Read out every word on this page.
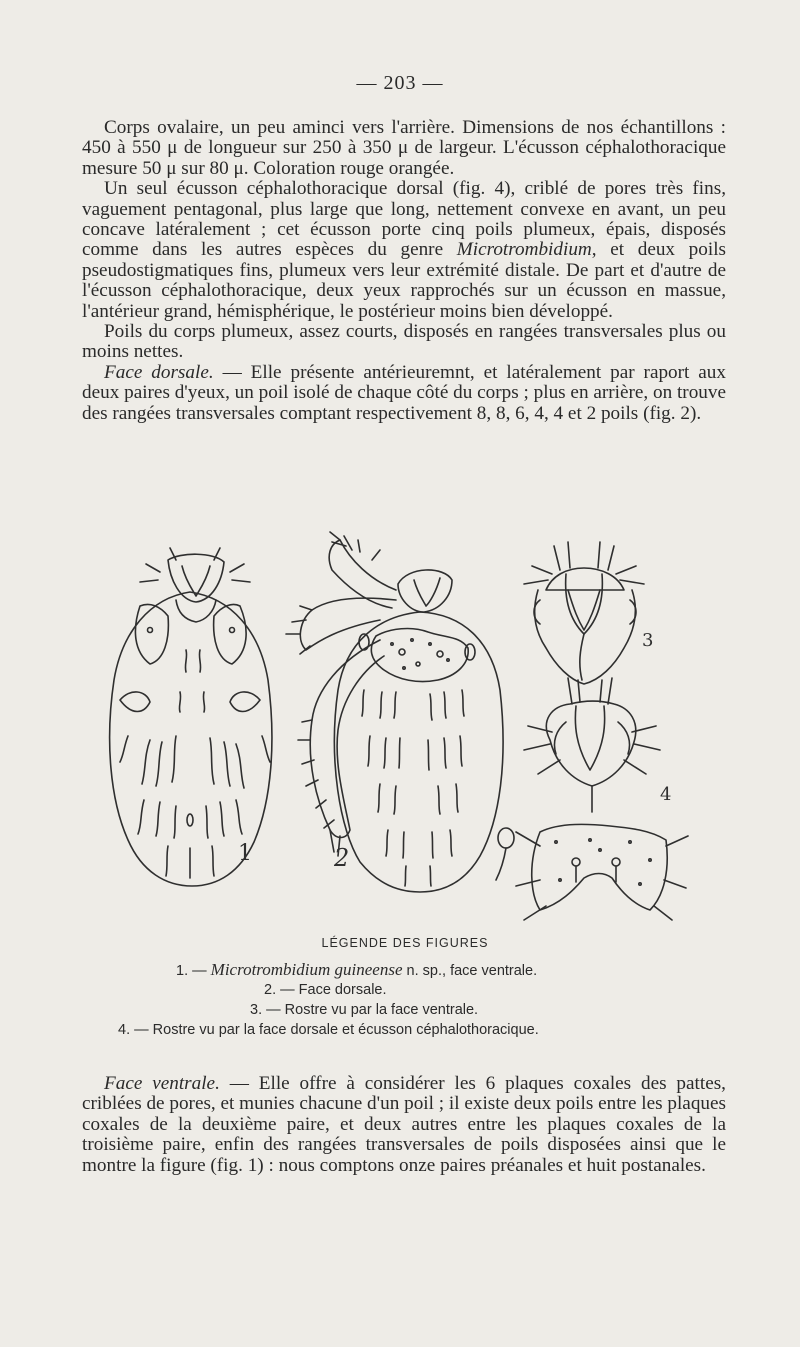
— 203 —

Corps ovalaire, un peu aminci vers l'arrière. Dimensions de nos échantillons : 450 à 550 μ de longueur sur 250 à 350 μ de largeur. L'écusson céphalothoracique mesure 50 μ sur 80 μ. Coloration rouge orangée.

Un seul écusson céphalothoracique dorsal (fig. 4), criblé de pores très fins, vaguement pentagonal, plus large que long, nettement convexe en avant, un peu concave latéralement ; cet écusson porte cinq poils plumeux, épais, disposés comme dans les autres espèces du genre Microtrombidium, et deux poils pseudostigmatiques fins, plumeux vers leur extrémité distale. De part et d'autre de l'écusson céphalothoracique, deux yeux rapprochés sur un écusson en massue, l'antérieur grand, hémisphérique, le postérieur moins bien développé.

Poils du corps plumeux, assez courts, disposés en rangées transversales plus ou moins nettes.

Face dorsale. — Elle présente antérieuremnt, et latéralement par raport aux deux paires d'yeux, un poil isolé de chaque côté du corps ; plus en arrière, on trouve des rangées transversales comptant respectivement 8, 8, 6, 4, 4 et 2 poils (fig. 2).

1	2
3
4
LÉGENDE DES FIGURES
1. — Microtrombidium guineense n. sp., face ventrale.
2. — Face dorsale.
3. — Rostre vu par la face ventrale.
4. — Rostre vu par la face dorsale et écusson céphalothoracique.

Face ventrale. — Elle offre à considérer les 6 plaques coxales des pattes, criblées de pores, et munies chacune d'un poil ; il existe deux poils entre les plaques coxales de la deuxième paire, et deux autres entre les plaques coxales de la troisième paire, enfin des rangées transversales de poils disposées ainsi que le montre la figure (fig. 1) : nous comptons onze paires préanales et huit postanales.
